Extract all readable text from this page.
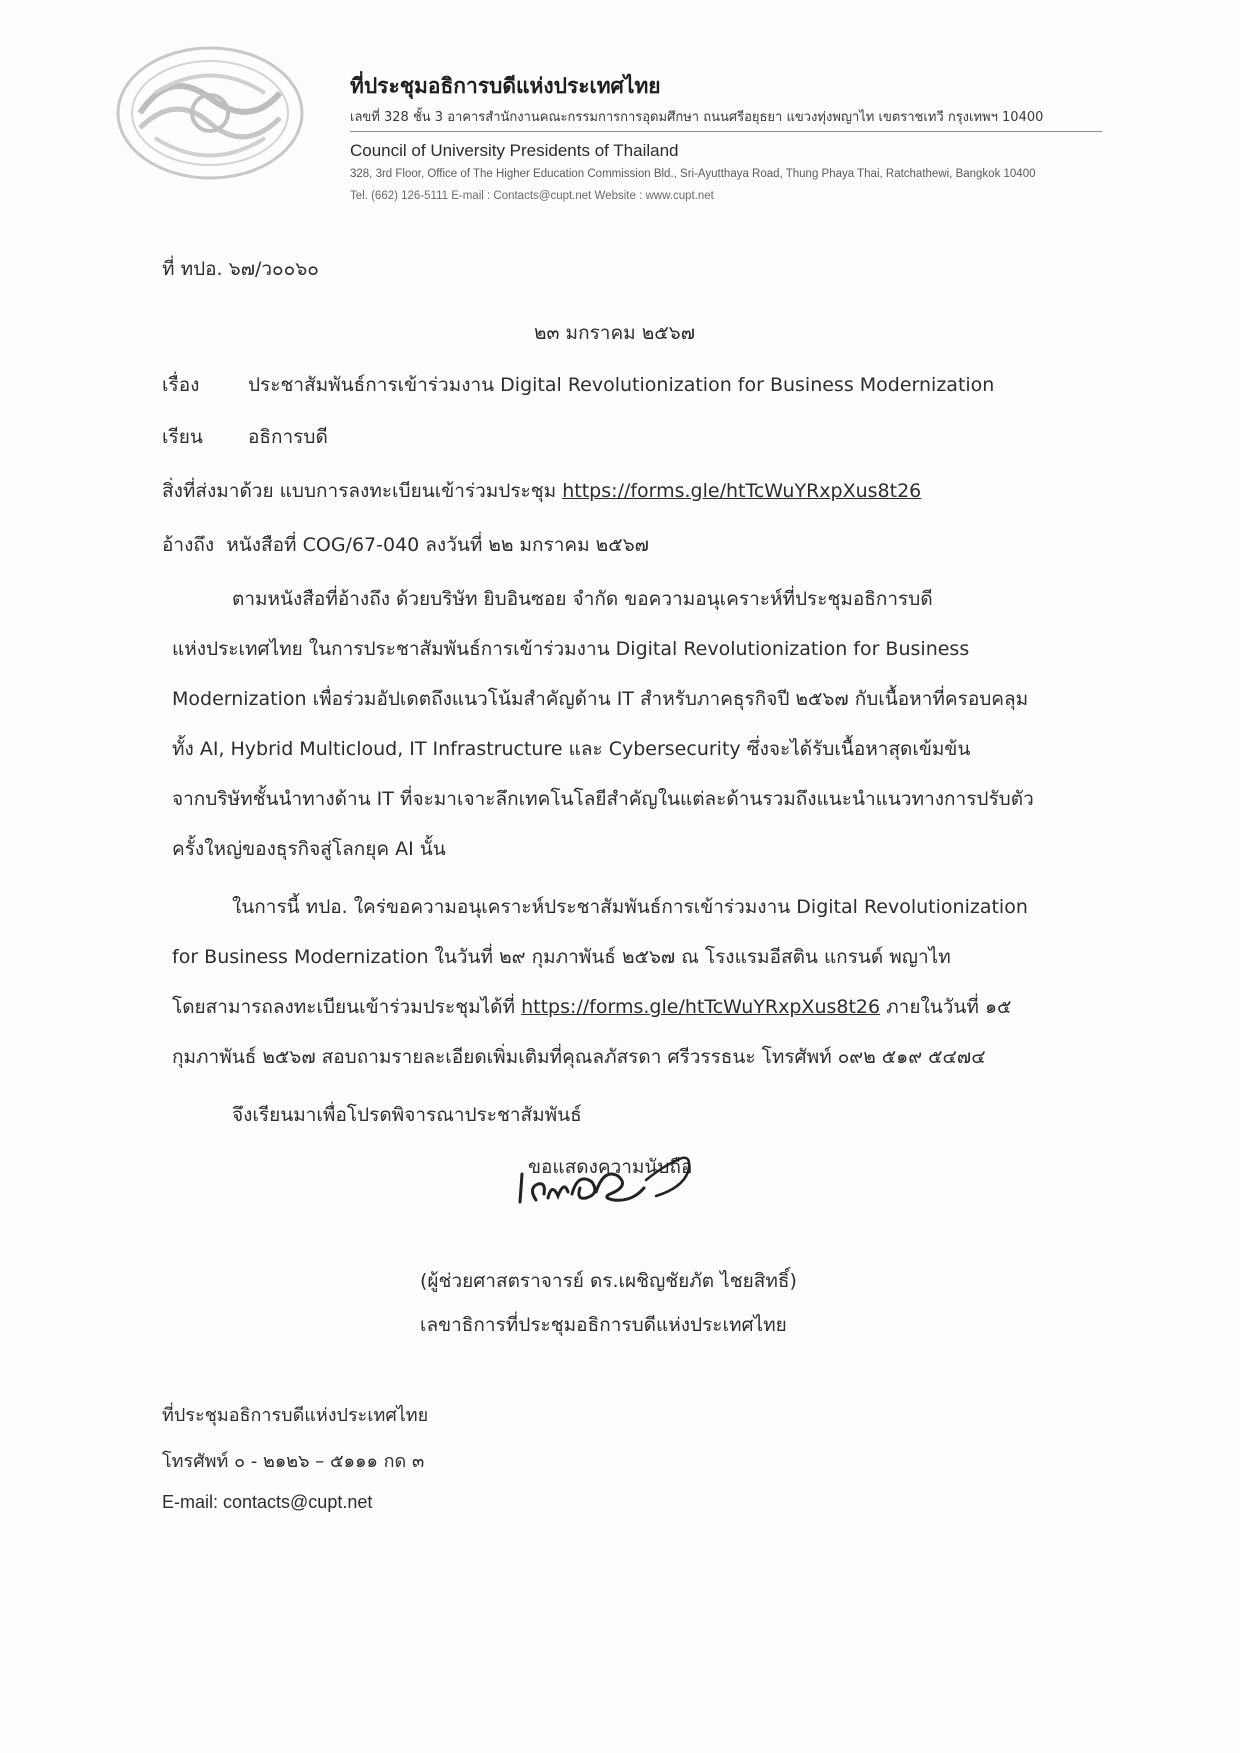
ที่ประชุมอธิการบดีแห่งประเทศไทย
เลขที่ 328 ชั้น 3 อาคารสำนักงานคณะกรรมการการอุดมศึกษา ถนนศรีอยุธยา แขวงทุ่งพญาไท เขตราชเทวี กรุงเทพฯ 10400
Council of University Presidents of Thailand
328, 3rd Floor, Office of The Higher Education Commission Bld., Sri-Ayutthaya Road, Thung Phaya Thai, Ratchathewi, Bangkok 10400
Tel. (662) 126-5111 E-mail : Contacts@cupt.net Website : www.cupt.net
ที่ ทปอ. ๖๗/ว๐๐๖๐
๒๓ มกราคม ๒๕๖๗
เรื่อง	ประชาสัมพันธ์การเข้าร่วมงาน Digital Revolutionization for Business Modernization
เรียน อธิการบดี
สิ่งที่ส่งมาด้วย แบบการลงทะเบียนเข้าร่วมประชุม https://forms.gle/htTcWuYRxpXus8t26
อ้างถึง หนังสือที่ COG/67-040 ลงวันที่ ๒๒ มกราคม ๒๕๖๗
ตามหนังสือที่อ้างถึง ด้วยบริษัท ยิบอินซอย จำกัด ขอความอนุเคราะห์ที่ประชุมอธิการบดี
แห่งประเทศไทย ในการประชาสัมพันธ์การเข้าร่วมงาน Digital Revolutionization for Business
Modernization เพื่อร่วมอัปเดตถึงแนวโน้มสำคัญด้าน IT สำหรับภาคธุรกิจปี ๒๕๖๗ กับเนื้อหาที่ครอบคลุม
ทั้ง AI, Hybrid Multicloud, IT Infrastructure และ Cybersecurity ซึ่งจะได้รับเนื้อหาสุดเข้มข้น
จากบริษัทชั้นนำทางด้าน IT ที่จะมาเจาะลึกเทคโนโลยีสำคัญในแต่ละด้านรวมถึงแนะนำแนวทางการปรับตัว
ครั้งใหญ่ของธุรกิจสู่โลกยุค AI นั้น
ในการนี้ ทปอ. ใคร่ขอความอนุเคราะห์ประชาสัมพันธ์การเข้าร่วมงาน Digital Revolutionization
for Business Modernization ในวันที่ ๒๙ กุมภาพันธ์ ๒๕๖๗ ณ โรงแรมอีสติน แกรนด์ พญาไท
โดยสามารถลงทะเบียนเข้าร่วมประชุมได้ที่ https://forms.gle/htTcWuYRxpXus8t26 ภายในวันที่ ๑๕
กุมภาพันธ์ ๒๕๖๗ สอบถามรายละเอียดเพิ่มเติมที่คุณลภัสรดา ศรีวรรธนะ โทรศัพท์ ๐๙๒ ๕๑๙ ๕๔๗๔
จึงเรียนมาเพื่อโปรดพิจารณาประชาสัมพันธ์
ขอแสดงความนับถือ
(ผู้ช่วยศาสตราจารย์ ดร.เผชิญชัยภัต ไชยสิทธิ์)
เลขาธิการที่ประชุมอธิการบดีแห่งประเทศไทย
ที่ประชุมอธิการบดีแห่งประเทศไทย
โทรศัพท์ ๐ - ๒๑๒๖ – ๕๑๑๑ กด ๓
E-mail: contacts@cupt.net
